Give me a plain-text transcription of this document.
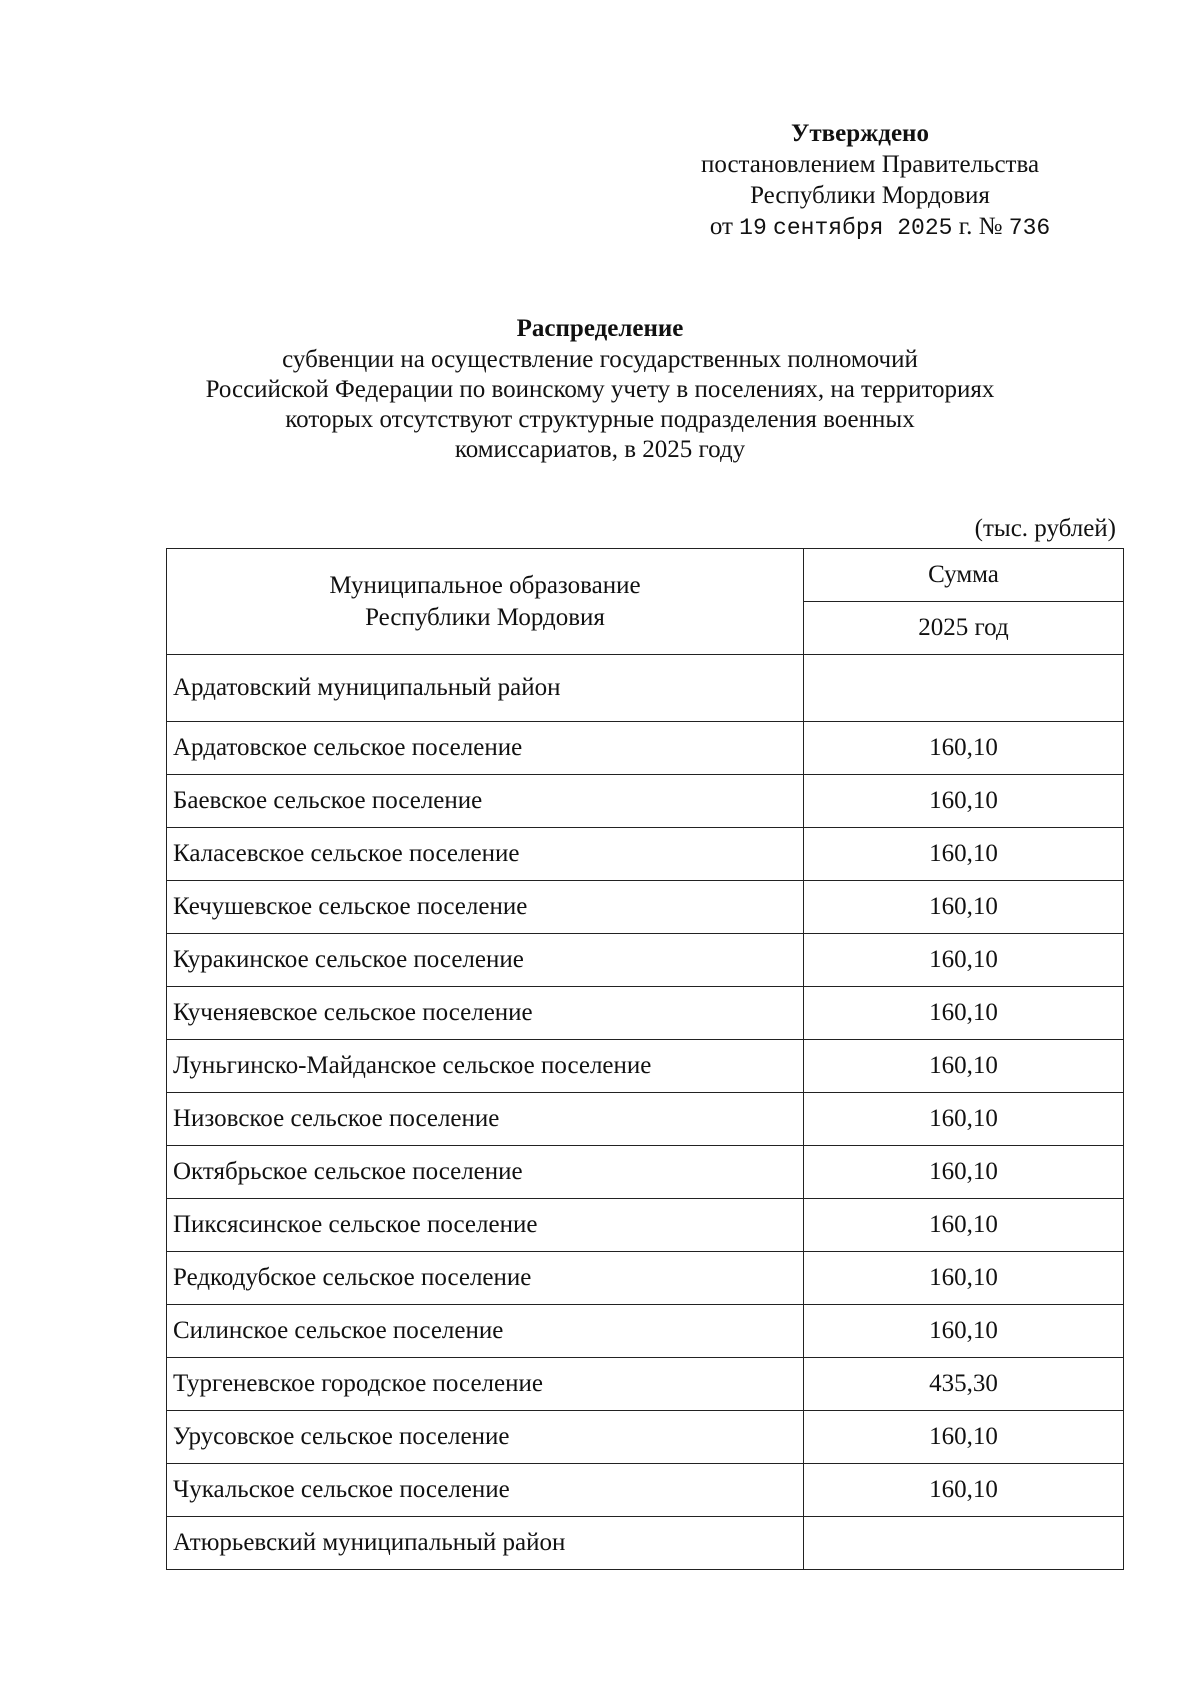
Утверждено
постановлением Правительства
Республики Мордовия
от 19 сентября 2025 г. № 736
Распределение
субвенции на осуществление государственных полномочий
Российской Федерации по воинскому учету в поселениях, на территориях
которых отсутствуют структурные подразделения военных
комиссариатов, в 2025 году
(тыс. рублей)
Муниципальное образование
Республики Мордовия	Сумма
	2025 год
Ардатовский муниципальный район	
Ардатовское сельское поселение	160,10
Баевское сельское поселение	160,10
Каласевское сельское поселение	160,10
Кечушевское сельское поселение	160,10
Куракинское сельское поселение	160,10
Кученяевское сельское поселение	160,10
Луньгинско-Майданское сельское поселение	160,10
Низовское сельское поселение	160,10
Октябрьское сельское поселение	160,10
Пиксясинское сельское поселение	160,10
Редкодубское сельское поселение	160,10
Силинское сельское поселение	160,10
Тургеневское городское поселение	435,30
Урусовское сельское поселение	160,10
Чукальское сельское поселение	160,10
Атюрьевский муниципальный район	
